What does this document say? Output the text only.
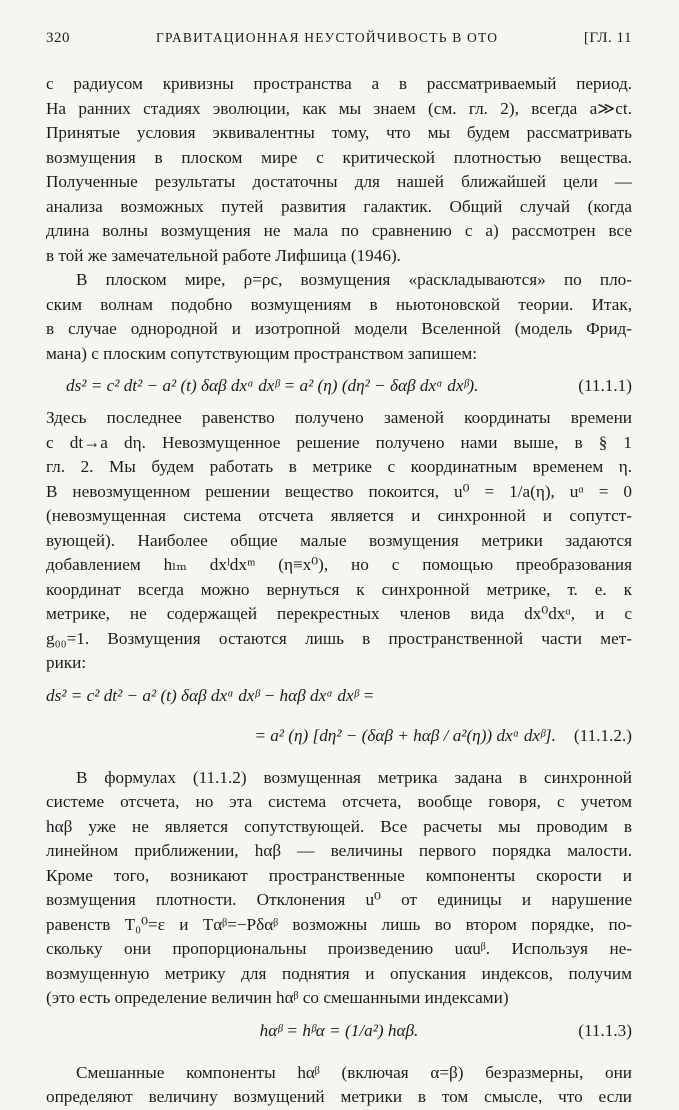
320	ГРАВИТАЦИОННАЯ НЕУСТОЙЧИВОСТЬ В ОТО	[ГЛ. 11
с радиусом кривизны пространства a в рассматриваемый период.
На ранних стадиях эволюции, как мы знаем (см. гл. 2), всегда a≫ct.
Принятые условия эквивалентны тому, что мы будем рассматривать
возмущения в плоском мире с критической плотностью вещества.
Полученные результаты достаточны для нашей ближайшей цели —
анализа возможных путей развития галактик. Общий случай (когда
длина волны возмущения не мала по сравнению с a) рассмотрен все
в той же замечательной работе Лифшица (1946).
В плоском мире, ρ=ρc, возмущения «раскладываются» по пло-
ским волнам подобно возмущениям в ньютоновской теории. Итак,
в случае однородной и изотропной модели Вселенной (модель Фрид-
мана) с плоским сопутствующим пространством запишем:
ds² = c² dt² − a² (t) δαβ dxᵅ dxᵝ = a² (η) (dη² − δαβ dxᵅ dxᵝ).	(11.1.1)
Здесь последнее равенство получено заменой координаты времени
c dt→a dη. Невозмущенное решение получено нами выше, в § 1
гл. 2. Мы будем работать в метрике с координатным временем η.
В невозмущенном решении вещество покоится, u⁰ = 1/a(η), uᵅ = 0
(невозмущенная система отсчета является и синхронной и сопутст-
вующей). Наиболее общие малые возмущения метрики задаются
добавлением hₗₘ dxˡdxᵐ (η≡x⁰), но с помощью преобразования
координат всегда можно вернуться к синхронной метрике, т. е. к
метрике, не содержащей перекрестных членов вида dx⁰dxᵅ, и с
g₀₀=1. Возмущения остаются лишь в пространственной части мет-
рики:
ds² = c² dt² − a² (t) δαβ dxᵅ dxᵝ − hαβ dxᵅ dxᵝ =
= a² (η) [dη² − (δαβ + hαβ / a²(η)) dxᵅ dxᵝ].	(11.1.2.)
В формулах (11.1.2) возмущенная метрика задана в синхронной
системе отсчета, но эта система отсчета, вообще говоря, с учетом
hαβ уже не является сопутствующей. Все расчеты мы проводим в
линейном приближении, hαβ — величины первого порядка малости.
Кроме того, возникают пространственные компоненты скорости и
возмущения плотности. Отклонения u⁰ от единицы и нарушение
равенств T₀⁰=ε и Tαᵝ=−Pδαᵝ возможны лишь во втором порядке, по-
скольку они пропорциональны произведению uαuᵝ. Используя не-
возмущенную метрику для поднятия и опускания индексов, получим
(это есть определение величин hαᵝ со смешанными индексами)
hαᵝ = hᵝα = (1/a²) hαβ.	(11.1.3)
Смешанные компоненты hαᵝ (включая α=β) безразмерны, они
определяют величину возмущений метрики в том смысле, что если
